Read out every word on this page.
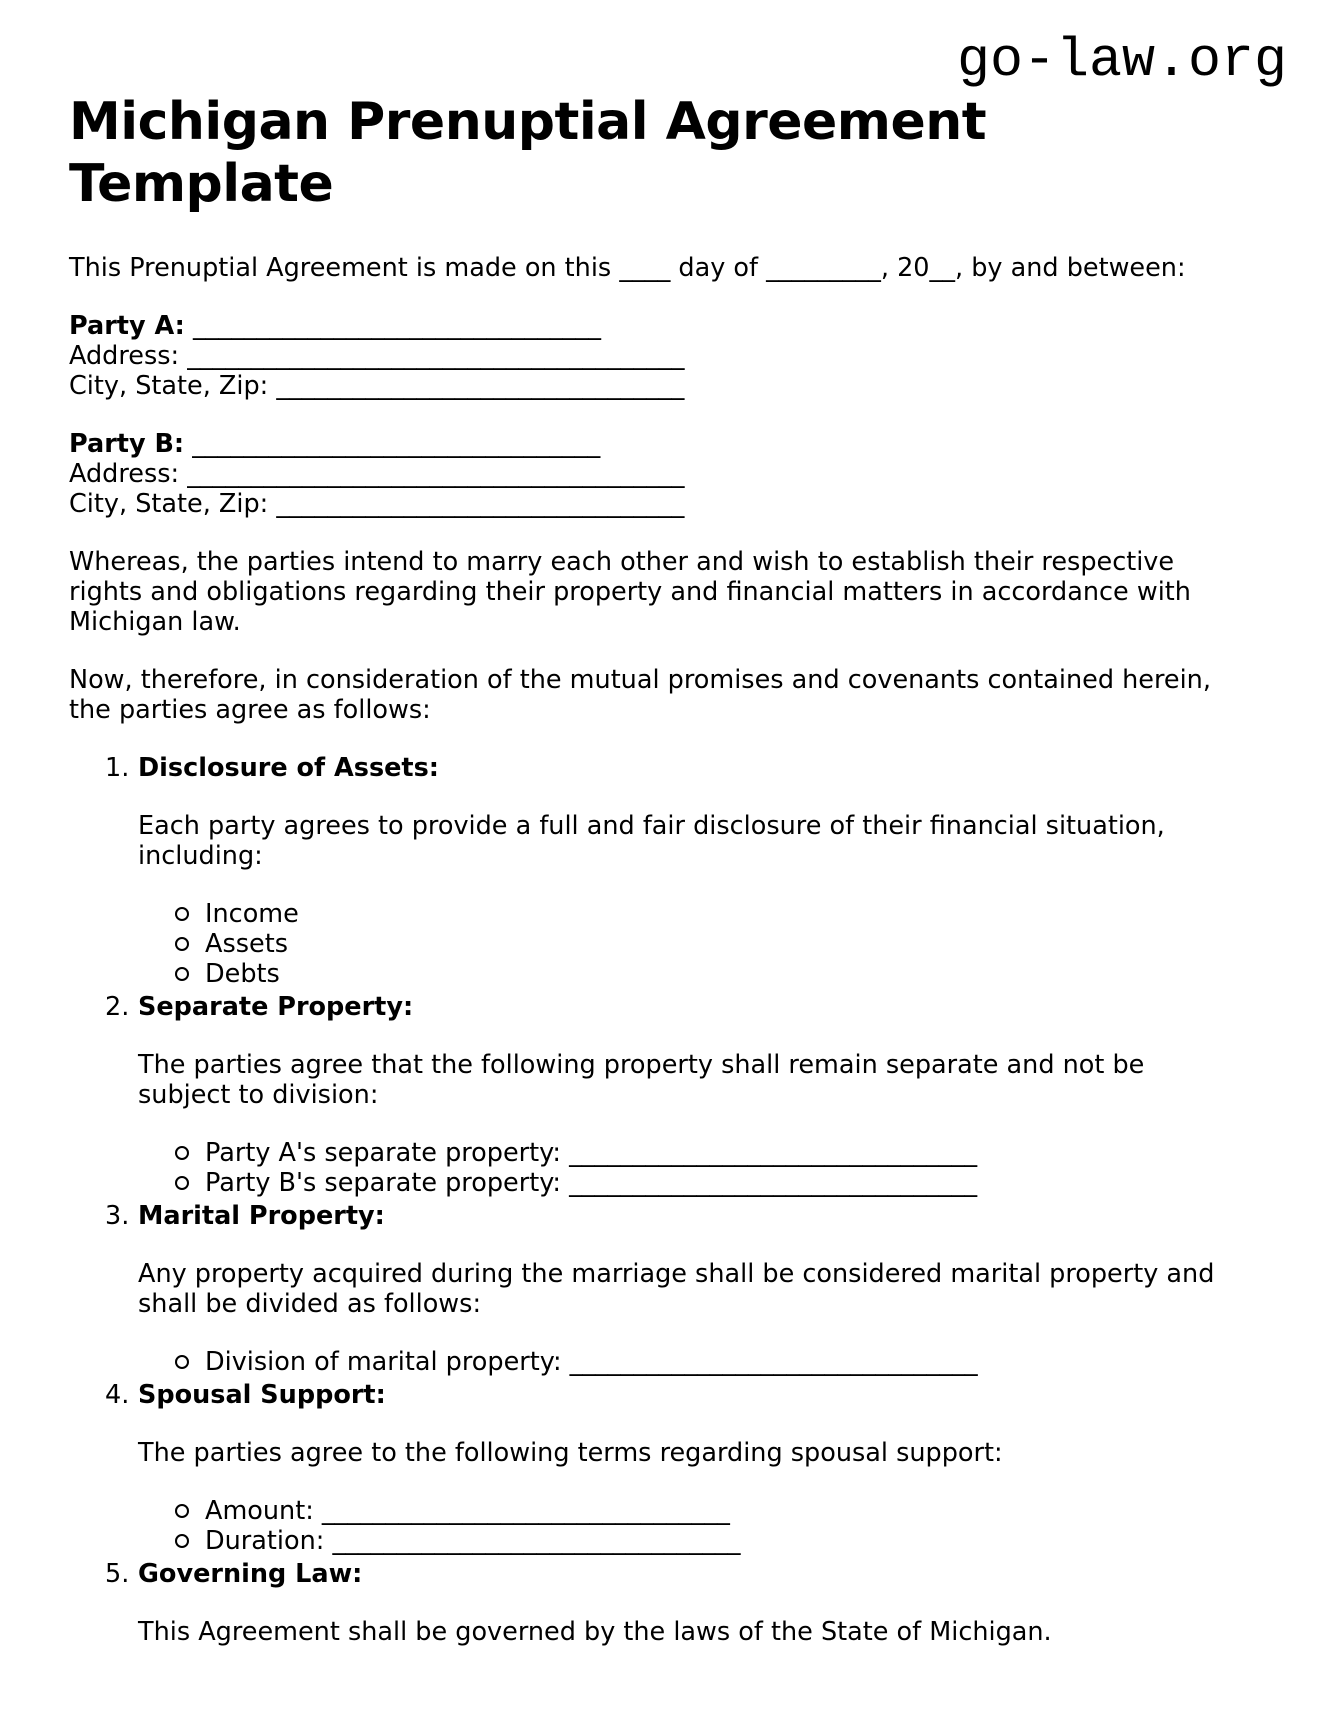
go-law.org
Michigan Prenuptial Agreement Template

This Prenuptial Agreement is made on this ____ day of _________, 20__, by and between:

Party A: ________________________________
Address: _______________________________________
City, State, Zip: ________________________________

Party B: ________________________________
Address: _______________________________________
City, State, Zip: ________________________________

Whereas, the parties intend to marry each other and wish to establish their respective
rights and obligations regarding their property and financial matters in accordance with
Michigan law.

Now, therefore, in consideration of the mutual promises and covenants contained herein,
the parties agree as follows:

1. Disclosure of Assets:

Each party agrees to provide a full and fair disclosure of their financial situation,
including:

Income
Assets
Debts
2. Separate Property:

The parties agree that the following property shall remain separate and not be
subject to division:

Party A's separate property: ________________________________
Party B's separate property: ________________________________
3. Marital Property:

Any property acquired during the marriage shall be considered marital property and
shall be divided as follows:

Division of marital property: ________________________________
4. Spousal Support:

The parties agree to the following terms regarding spousal support:

Amount: ________________________________
Duration: ________________________________
5. Governing Law:

This Agreement shall be governed by the laws of the State of Michigan.
